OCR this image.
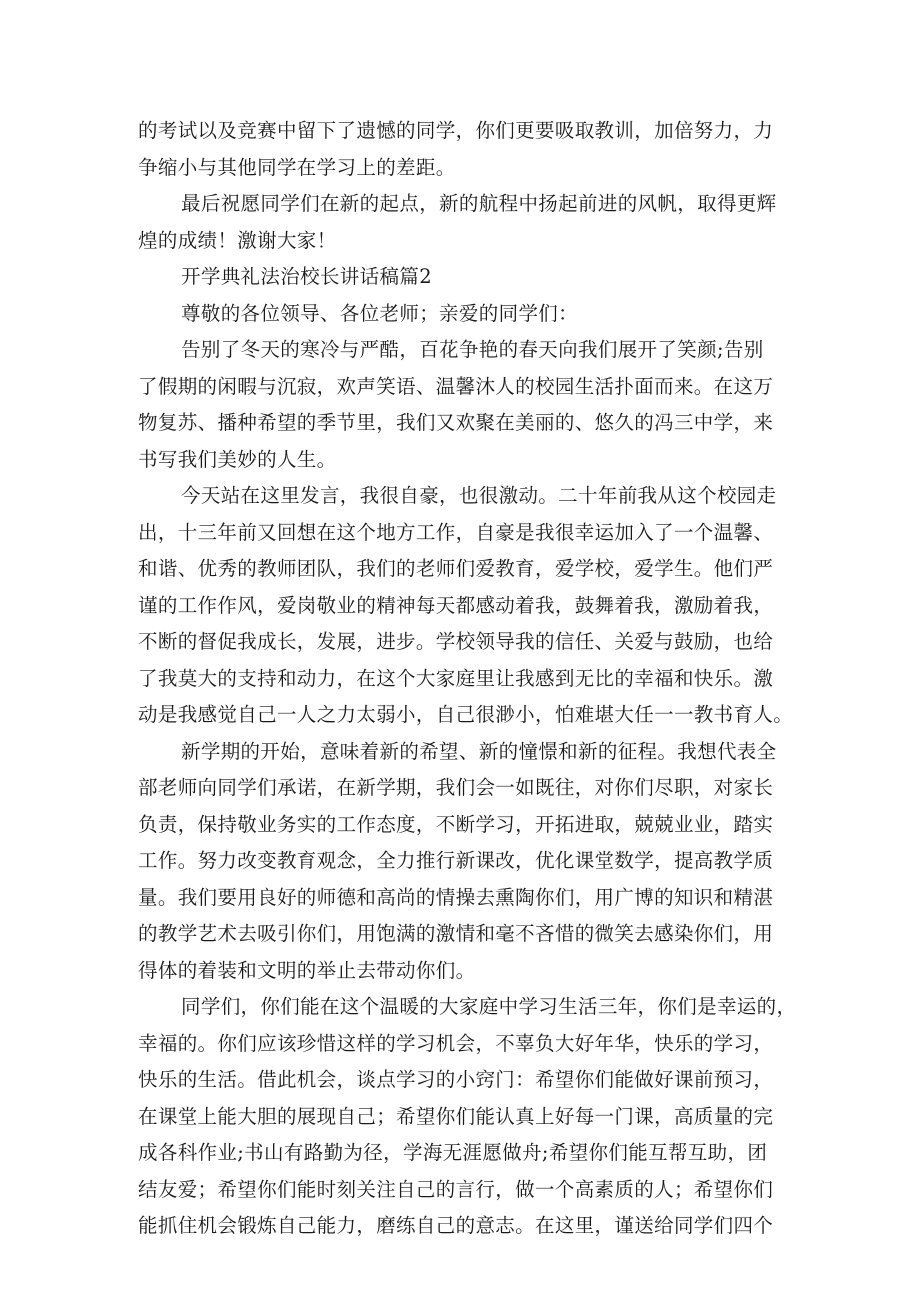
的考试以及竞赛中留下了遗憾的同学，你们更要吸取教训，加倍努力，力
争缩小与其他同学在学习上的差距。
最后祝愿同学们在新的起点，新的航程中扬起前进的风帆，取得更辉
煌的成绩！激谢大家！
开学典礼法治校长讲话稿篇2
尊敬的各位领导、各位老师；亲爱的同学们：
告别了冬天的寒冷与严酷，百花争艳的春天向我们展开了笑颜;告别
了假期的闲暇与沉寂，欢声笑语、温馨沐人的校园生活扑面而来。在这万
物复苏、播种希望的季节里，我们又欢聚在美丽的、悠久的冯三中学，来
书写我们美妙的人生。
今天站在这里发言，我很自豪，也很激动。二十年前我从这个校园走
出，十三年前又回想在这个地方工作，自豪是我很幸运加入了一个温馨、
和谐、优秀的教师团队，我们的老师们爱教育，爱学校，爱学生。他们严
谨的工作作风，爱岗敬业的精神每天都感动着我，鼓舞着我，激励着我，
不断的督促我成长，发展，进步。学校领导我的信任、关爱与鼓励，也给
了我莫大的支持和动力，在这个大家庭里让我感到无比的幸福和快乐。激
动是我感觉自己一人之力太弱小，自己很渺小，怕难堪大任一一教书育人。
新学期的开始，意味着新的希望、新的憧憬和新的征程。我想代表全
部老师向同学们承诺，在新学期，我们会一如既往，对你们尽职，对家长
负责，保持敬业务实的工作态度，不断学习，开拓进取，兢兢业业，踏实
工作。努力改变教育观念，全力推行新课改，优化课堂数学，提高教学质
量。我们要用良好的师德和高尚的情操去熏陶你们，用广博的知识和精湛
的教学艺术去吸引你们，用饱满的激情和毫不吝惜的微笑去感染你们，用
得体的着装和文明的举止去带动你们。
同学们，你们能在这个温暖的大家庭中学习生活三年，你们是幸运的，
幸福的。你们应该珍惜这样的学习机会，不辜负大好年华，快乐的学习，
快乐的生活。借此机会，谈点学习的小窍门：希望你们能做好课前预习，
在课堂上能大胆的展现自己；希望你们能认真上好每一门课，高质量的完
成各科作业;书山有路勤为径，学海无涯愿做舟;希望你们能互帮互助，团
结友爱；希望你们能时刻关注自己的言行，做一个高素质的人；希望你们
能抓住机会锻炼自己能力，磨练自己的意志。在这里，谨送给同学们四个
